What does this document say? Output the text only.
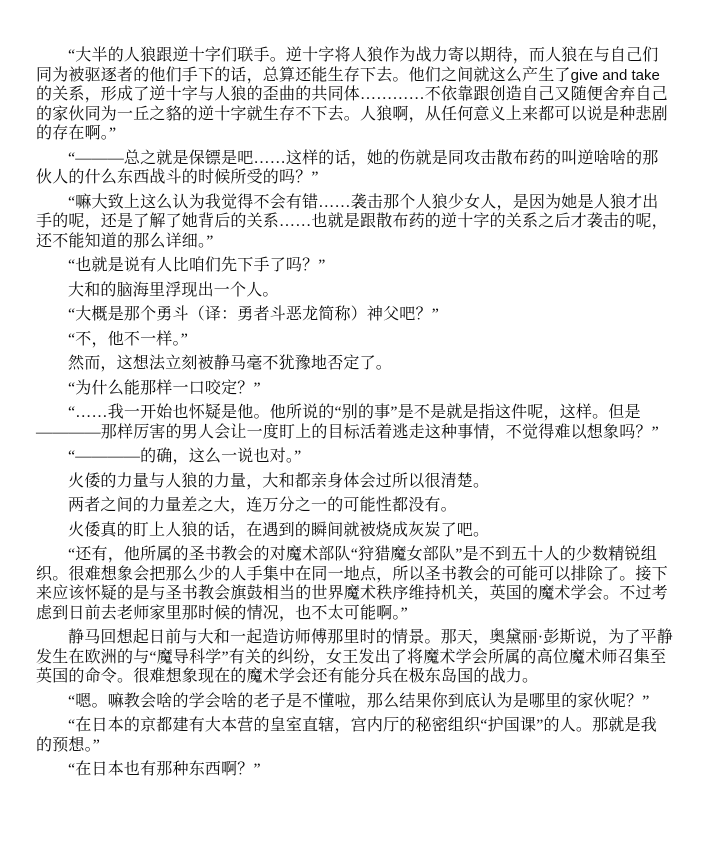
“大半的人狼跟逆十字们联手。逆十字将人狼作为战力寄以期待，而人狼在与自己们同为被驱逐者的他们手下的话，总算还能生存下去。他们之间就这么产生了give and take的关系，形成了逆十字与人狼的歪曲的共同体…………不依靠跟创造自己又随便舍弃自己的家伙同为一丘之貉的逆十字就生存不下去。人狼啊，从任何意义上来都可以说是种悲剧的存在啊。”

“———总之就是保镖是吧……这样的话，她的伤就是同攻击散布药的叫逆啥啥的那伙人的什么东西战斗的时候所受的吗？”

“嘛大致上这么认为我觉得不会有错……袭击那个人狼少女人，是因为她是人狼才出手的呢，还是了解了她背后的关系……也就是跟散布药的逆十字的关系之后才袭击的呢，还不能知道的那么详细。”

“也就是说有人比咱们先下手了吗？”

大和的脑海里浮现出一个人。

“大概是那个勇斗（译：勇者斗恶龙简称）神父吧？”

“不，他不一样。”

然而，这想法立刻被静马毫不犹豫地否定了。

“为什么能那样一口咬定？”

“……我一开始也怀疑是他。他所说的“别的事”是不是就是指这件呢，这样。但是————那样厉害的男人会让一度盯上的目标活着逃走这种事情，不觉得难以想象吗？”

“————的确，这么一说也对。”

火倭的力量与人狼的力量，大和都亲身体会过所以很清楚。

两者之间的力量差之大，连万分之一的可能性都没有。

火倭真的盯上人狼的话，在遇到的瞬间就被烧成灰炭了吧。

“还有，他所属的圣书教会的对魔术部队“狩猎魔女部队”是不到五十人的少数精锐组织。很难想象会把那么少的人手集中在同一地点，所以圣书教会的可能可以排除了。接下来应该怀疑的是与圣书教会旗鼓相当的世界魔术秩序维持机关，英国的魔术学会。不过考虑到日前去老师家里那时候的情况，也不太可能啊。”

静马回想起日前与大和一起造访师傅那里时的情景。那天，奥黛丽·彭斯说，为了平静发生在欧洲的与“魔导科学”有关的纠纷，女王发出了将魔术学会所属的高位魔术师召集至英国的命令。很难想象现在的魔术学会还有能分兵在极东岛国的战力。

“嗯。嘛教会啥的学会啥的老子是不懂啦，那么结果你到底认为是哪里的家伙呢？”

“在日本的京都建有大本营的皇室直辖，宫内厅的秘密组织“护国课”的人。那就是我的预想。”

“在日本也有那种东西啊？”
